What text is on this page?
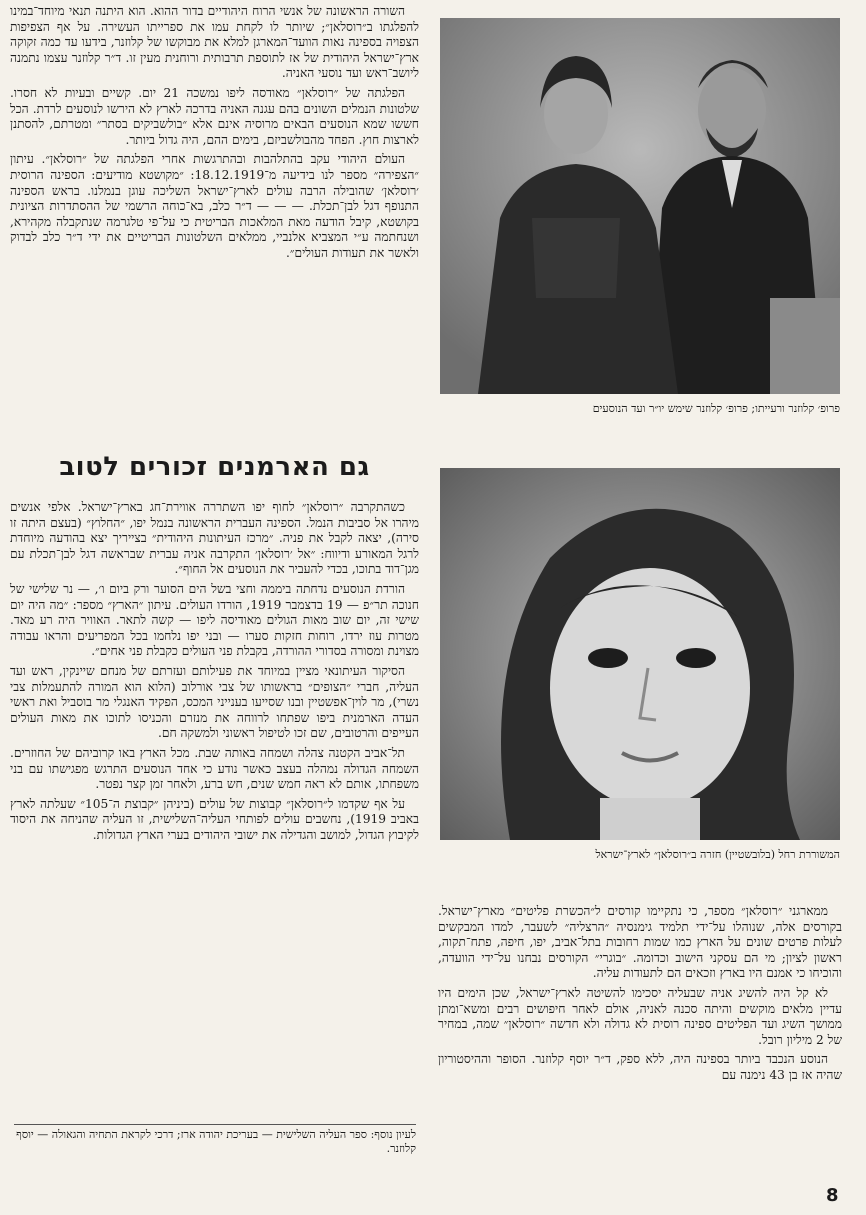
השורה הראשונה של אנשי הרוח היהודיים בדור ההוא. הוא היתנה תנאי מיוחד־במינו להפלגתו ב״רוסלאן״; שיותר לו לקחת עמו את ספרייתו העשירה. על אף הצפיפות הצפויה בספינה נאות הוועד־המארגן למלא את מבוקשו של קלוזנר, בידעו עד כמה זקוקה ארץ־ישראל היהודית של אז לתוספת תרבותית ורוחנית מעין זו. ד״ר קלוזנר עצמו נתמנה ליושב־ראש ועד נוסעי האניה.

הפלגתה של ״רוסלאן״ מאודסה ליפו נמשכה 21 יום. קשיים ובעיות לא חסרו. שלטונות הנמלים השונים בהם עגנה האניה בדרכה לארץ לא הירשו לנוסעים לרדת. הכל חששו שמא הנוסעים הבאים מרוסיה אינם אלא ״בולשביקים בסתר״ ומטרתם, להסתנן לארצות חוץ. הפחד מהבולשביזם, בימים ההם, היה גדול ביותר.

העולם היהודי עקב בהתלהבות ובהתרגשות אחרי הפלגתה של ״רוסלאן״. עיתון ״הצפירה״ מספר לנו בידיעה מ־18.12.1919: ״מקושטא מודיעים: הספינה הרוסית ׳רוסלאן׳ שהובילה הרבה עולים לארץ־ישראל השליכה עוגן בנמלנו. בראש הספינה התנופף דגל לבן־תכלת. — — — ד״ר כלב, בא־כוחה הרשמי של ההסתדרות הציונית בקושטא, קיבל הודעה מאת המלאכות הבריטית כי על־פי טלגרמה שנתקבלה מקהירא, ושנחתמה ע״י המצביא אלנביי, ממלאים השלטונות הבריטיים את ידי ד״ר כלב לבדוק ולאשר את תעודות העולים״.

פרופ׳ קלוזנר ורעייתו; פרופ׳ קלוזנר שימש יו״ר ועד הנוסעים
גם הארמנים זכורים לטוב

כשהתקרבה ״רוסלאן״ לחוף יפו השתררה אווירת־חג בארץ־ישראל. אלפי אנשים מיהרו אל סביבות הנמל. הספינה העברית הראשונה בנמל יפו, ״החלוץ״ (בעצם היתה זו סירה), יצאה לקבל את פניה. ״מרכז העיתונות היהודית״ בצייריך יצא בהודעה מיוחדת לרגל המאורע ודיווח: ״אל ׳רוסלאן׳ התקרבה אניה עברית שבראשה דגל לבן־תכלת עם מגן־דוד בתוכו, בכדי להעביר את הנוסעים אל החוף״.

הורדת הנוסעים נדחתה ביממה וחצי בשל הים הסוער ורק ביום ו׳, — נר שלישי של חנוכה תר״פ — 19 בדצמבר 1919, הורדו העולים. עיתון ״הארץ״ מספר: ״מה היה יום שישי זה, יום שוב מאות הגולים מאודיסה ליפו — קשה לתאר. האוויר היה רע מאד. מטרות עוז ירדו, רוחות חזקות סערו — ובני יפו נלחמו בכל המפריעים והראו עבודה מצוינת ומסורה בסדורי ההורדה, בקבלת פני העולים כקבלת פני אחים״.

הסיקור העיתונאי מציין במיוחד את פעילותם ועזרתם של מנחם שיינקין, ראש ועד העליה, חברי ״הצופים״ בראשותו של צבי אורלוב (הלוא הוא המורה להתעמלות צבי נשרי), מר לוין־אפשטיין ובנו שסייעו בענייני המכס, הפקיד האנגלי מר בוסביל ואת ראשי העדה הארמנית ביפו שפתחו לרווחה את מנזרם והכניסו לתוכו את מאות העולים העייפים והרטובים, שם זכו לטיפול ראשוני ולמשקה חם.

תל־אביב הקטנה צהלה ושמחה באותה שבת. מכל הארץ באו קרוביהם של החוזרים. השמחה הגדולה נמהלה בעצב כאשר נודע כי אחד הנוסעים התרגש מפגישתו עם בני משפחתו, אותם לא ראה חמש שנים, חש ברע, ולאחר זמן קצר נפטר.

על אף שקדמו ל״רוסלאן״ קבוצות של עולים (ביניהן ״קבוצת ה־105״ שעלתה לארץ באביב 1919), נחשבים עולים לפותחי העליה־השלישית, זו העליה שהניחה את היסוד לקיבוץ הגדול, למושב והגדילה את ישובי היהודים בערי הארץ הגדולות.

המשוררת רחל (בלובשטיין) חזרה ב״רוסלאן״ לארץ־ישראל

ממארגני ״רוסלאן״ מספר, כי נתקיימו קורסים ל״הכשרת פליטים״ מארץ־ישראל. בקורסים אלה, שנוהלו על־ידי תלמיד גימנסיה ״הרצליה״ לשעבר, למדו המבקשים לעלות פרטים שונים על הארץ כמו שמות רחובות בתל־אביב, יפו, חיפה, פתח־תקוה, ראשון לציון; מי הם עסקני הישוב וכדומה. ״בוגרי״ הקורסים נבחנו על־ידי הוועדה, והוכיחו כי אמנם היו בארץ וזכאים הם לתעודות עליה.

לא קל היה להשיג אניה שבעליה יסכימו להשיטה לארץ־ישראל, שכן הימים היו עדיין מלאים מוקשים והיתה סכנה לאניה, אולם לאחר חיפושים רבים ומשא־ומתן ממושך השיג ועד הפליטים ספינה רוסית לא גדולה ולא חדשה ״רוסלאן״ שמה, במחיר של 2 מיליון רובל.

הנוסע הנכבד ביותר בספינה היה, ללא ספק, ד״ר יוסף קלוזנר. הסופר וההיסטוריון שהיה אז בן 43 נימנה עם

לעיון נוסף: ספר העליה השלישית — בעריכת יהודה ארז; דרכי לקראת התחיה והגאולה — יוסף קלוזנר.
8
